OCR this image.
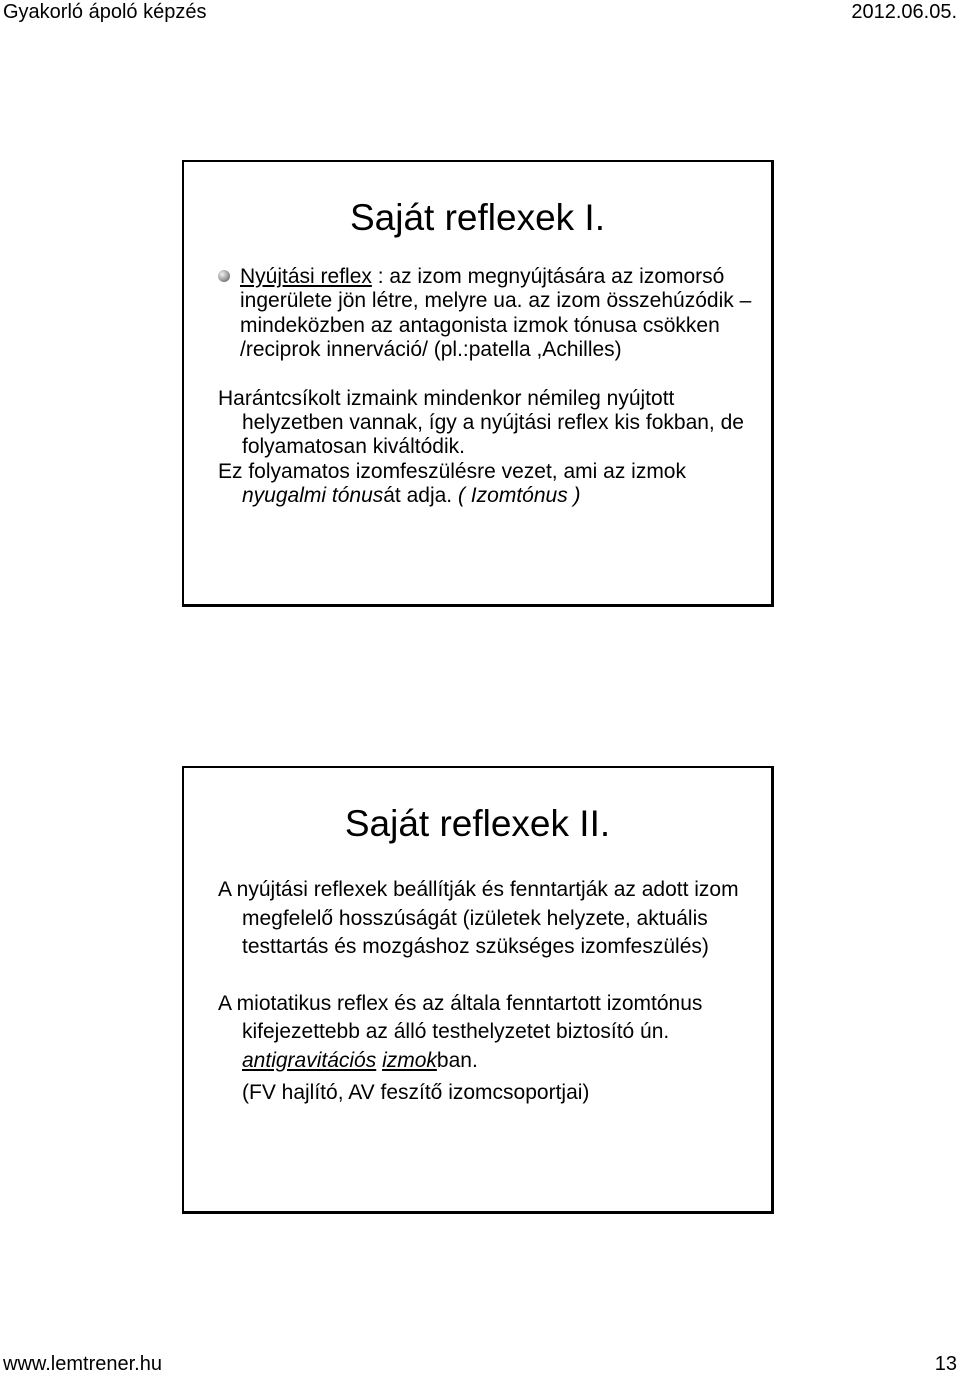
Gyakorló ápoló képzés	2012.06.05.
Saját reflexek I.
Nyújtási reflex : az izom megnyújtására az izomorsó ingerülete jön létre, melyre ua. az izom összehúzódik – mindeközben az antagonista izmok tónusa csökken /reciprok innerváció/ (pl.:patella ,Achilles)
Harántcsíkolt izmaink mindenkor némileg nyújtott helyzetben vannak, így a nyújtási reflex kis fokban, de folyamatosan kiváltódik.
Ez folyamatos izomfeszülésre vezet, ami az izmok nyugalmi tónusát adja. ( Izomtónus )
Saját reflexek II.
A nyújtási reflexek beállítják és fenntartják az adott izom megfelelő hosszúságát (izületek helyzete, aktuális testtartás és mozgáshoz szükséges izomfeszülés)
A miotatikus reflex és az általa fenntartott izomtónus kifejezettebb az álló testhelyzetet biztosító ún. antigravitációs izmokban.
(FV hajlító, AV feszítő izomcsoportjai)
www.lemtrener.hu	13
